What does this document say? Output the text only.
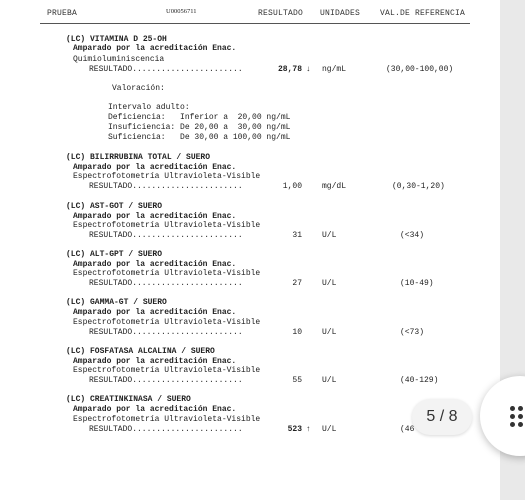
PRUEBA	U00056711	RESULTADO UNIDADES VAL.DE REFERENCIA
(LC) VITAMINA D 25-OH
Amparado por la acreditación Enac.
Quimioluminiscencia
RESULTADO.......................	28,78 ↓ ng/mL	(30,00-100,00)
Valoración:
Intervalo adulto:
Deficiencia:   Inferior a  20,00 ng/mL
Insuficiencia: De 20,00 a  30,00 ng/mL
Suficiencia:   De 30,00 a 100,00 ng/mL
(LC) BILIRRUBINA TOTAL / SUERO
Amparado por la acreditación Enac.
Espectrofotometría Ultravioleta-Visible
RESULTADO.......................	1,00	mg/dL	(0,30-1,20)
(LC) AST-GOT / SUERO
Amparado por la acreditación Enac.
Espectrofotometría Ultravioleta-Visible
RESULTADO.......................	31	U/L	(<34)
(LC) ALT-GPT / SUERO
Amparado por la acreditación Enac.
Espectrofotometría Ultravioleta-Visible
RESULTADO.......................	27	U/L	(10-49)
(LC) GAMMA-GT / SUERO
Amparado por la acreditación Enac.
Espectrofotometría Ultravioleta-Visible
RESULTADO.......................	10	U/L	(<73)
(LC) FOSFATASA ALCALINA / SUERO
Amparado por la acreditación Enac.
Espectrofotometría Ultravioleta-Visible
RESULTADO.......................	55	U/L	(40-129)
(LC) CREATINKINASA / SUERO
Amparado por la acreditación Enac.
Espectrofotometría Ultravioleta-Visible
RESULTADO.......................	523 ↑ U/L	(46
5 / 8
